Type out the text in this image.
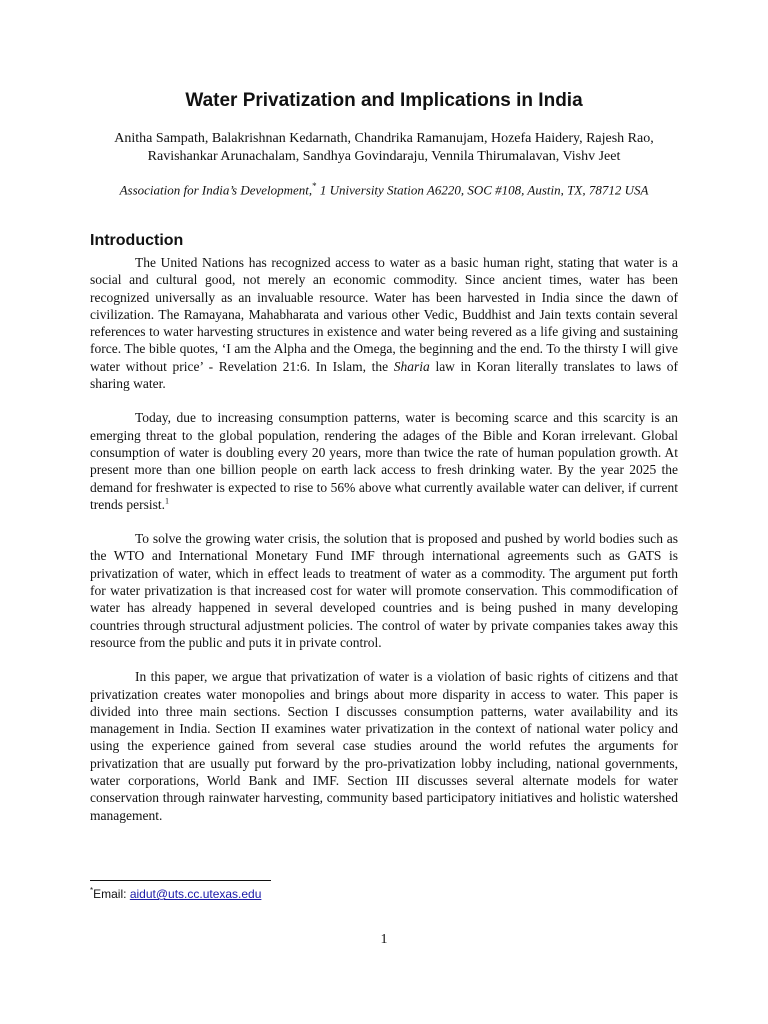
Water Privatization and Implications in India

Anitha Sampath, Balakrishnan Kedarnath, Chandrika Ramanujam, Hozefa Haidery, Rajesh Rao,
Ravishankar Arunachalam, Sandhya Govindaraju, Vennila Thirumalavan, Vishv Jeet

Association for India’s Development,* 1 University Station A6220, SOC #108, Austin, TX, 78712 USA

Introduction

The United Nations has recognized access to water as a basic human right, stating that water is a social and cultural good, not merely an economic commodity. Since ancient times, water has been recognized universally as an invaluable resource. Water has been harvested in India since the dawn of civilization. The Ramayana, Mahabharata and various other Vedic, Buddhist and Jain texts contain several references to water harvesting structures in existence and water being revered as a life giving and sustaining force. The bible quotes, ‘I am the Alpha and the Omega, the beginning and the end. To the thirsty I will give water without price’ - Revelation 21:6. In Islam, the Sharia law in Koran literally translates to laws of sharing water.

Today, due to increasing consumption patterns, water is becoming scarce and this scarcity is an emerging threat to the global population, rendering the adages of the Bible and Koran irrelevant. Global consumption of water is doubling every 20 years, more than twice the rate of human population growth. At present more than one billion people on earth lack access to fresh drinking water. By the year 2025 the demand for freshwater is expected to rise to 56% above what currently available water can deliver, if current trends persist.$^1$

To solve the growing water crisis, the solution that is proposed and pushed by world bodies such as the WTO and International Monetary Fund IMF through international agreements such as GATS is privatization of water, which in effect leads to treatment of water as a commodity. The argument put forth for water privatization is that increased cost for water will promote conservation. This commodification of water has already happened in several developed countries and is being pushed in many developing countries through structural adjustment policies. The control of water by private companies takes away this resource from the public and puts it in private control.

In this paper, we argue that privatization of water is a violation of basic rights of citizens and that privatization creates water monopolies and brings about more disparity in access to water. This paper is divided into three main sections. Section I discusses consumption patterns, water availability and its management in India. Section II examines water privatization in the context of national water policy and using the experience gained from several case studies around the world refutes the arguments for privatization that are usually put forward by the pro-privatization lobby including, national governments, water corporations, World Bank and IMF. Section III discusses several alternate models for water conservation through rainwater harvesting, community based participatory initiatives and holistic watershed management.

*Email: aidut@uts.cc.utexas.edu

1
